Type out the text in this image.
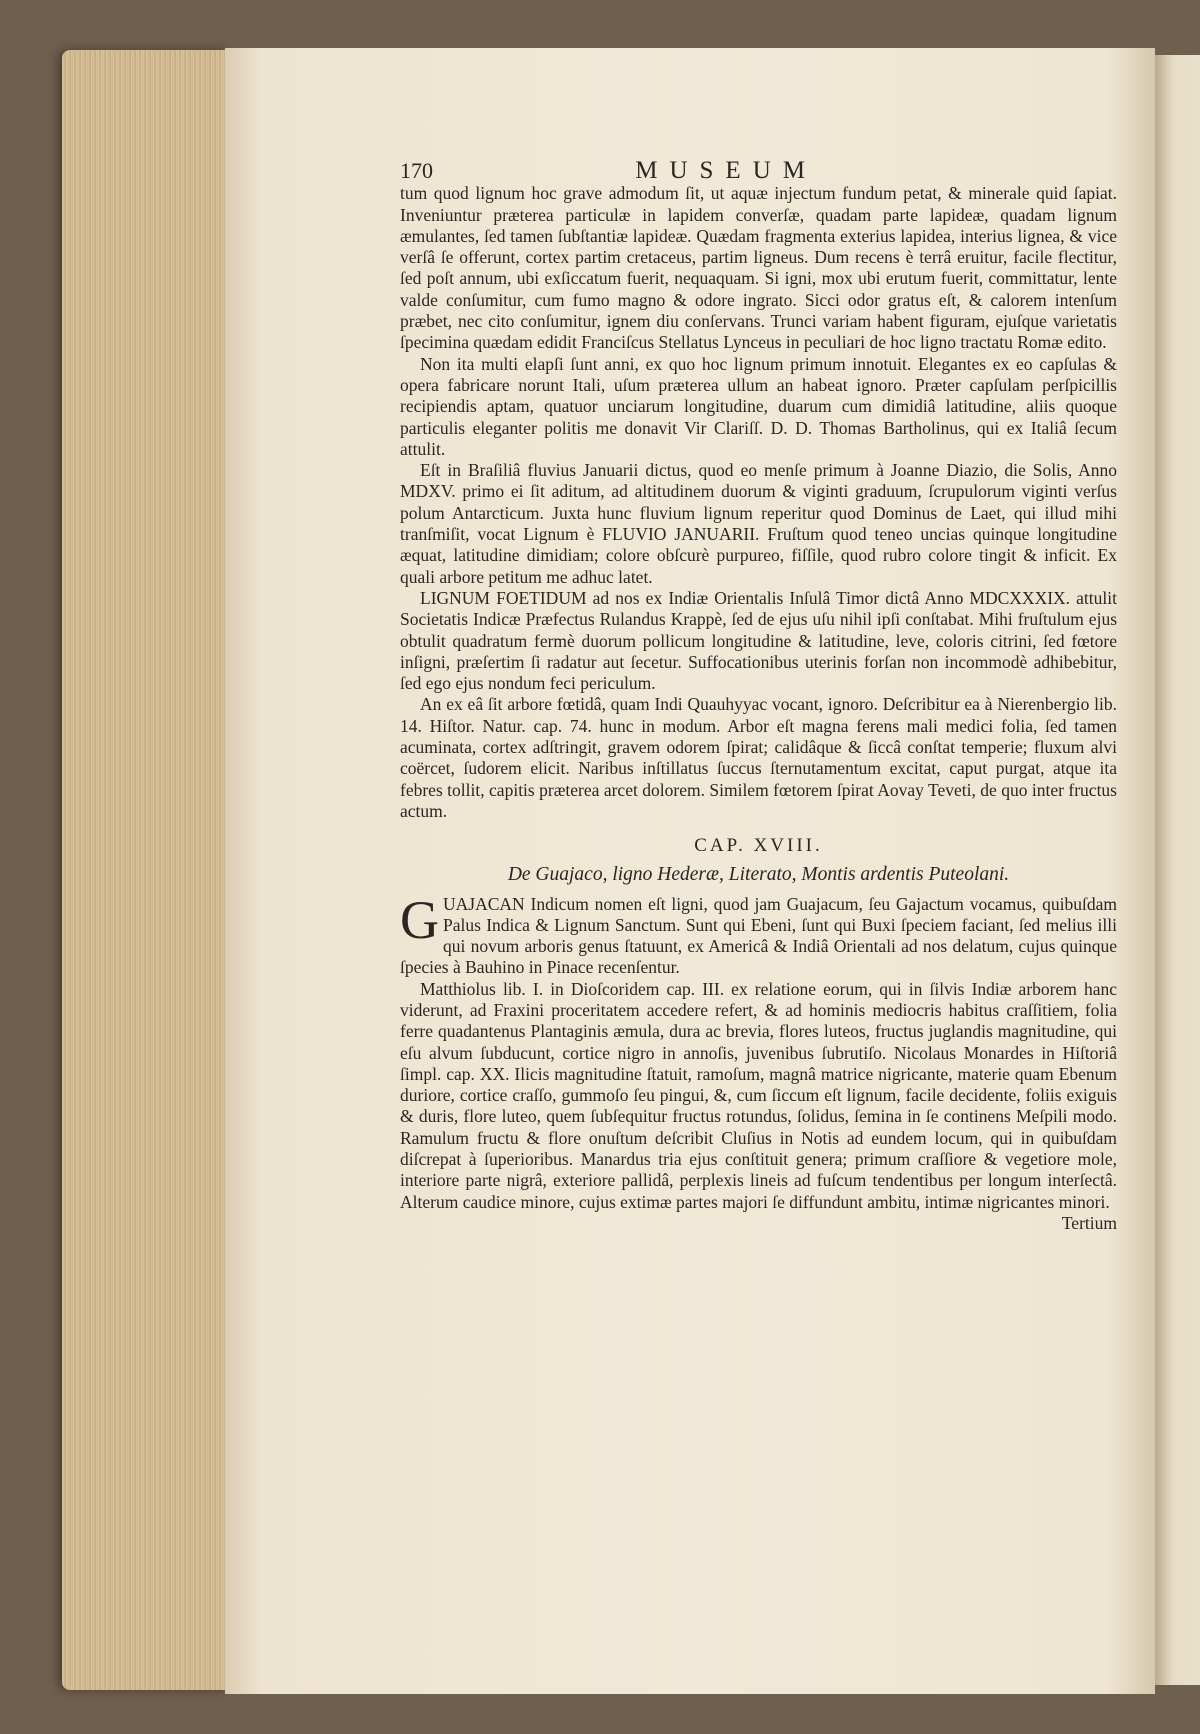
170	MUSEUM

tum quod lignum hoc grave admodum ſit, ut aquæ injectum fundum petat, & minerale quid ſapiat. Inveniuntur præterea particulæ in lapidem converſæ, quadam parte lapideæ, quadam lignum æmulantes, ſed tamen ſubſtantiæ lapideæ. Quædam fragmenta exterius lapidea, interius lignea, & vice verſâ ſe offerunt, cortex partim cretaceus, partim ligneus. Dum recens è terrâ eruitur, facile flectitur, ſed poſt annum, ubi exſiccatum fuerit, nequaquam. Si igni, mox ubi erutum fuerit, committatur, lente valde conſumitur, cum fumo magno & odore ingrato. Sicci odor gratus eſt, & calorem intenſum præbet, nec cito conſumitur, ignem diu conſervans. Trunci variam habent figuram, ejuſque varietatis ſpecimina quædam edidit Franciſcus Stellatus Lynceus in peculiari de hoc ligno tractatu Romæ edito.

Non ita multi elapſi ſunt anni, ex quo hoc lignum primum innotuit. Elegantes ex eo capſulas & opera fabricare norunt Itali, uſum præterea ullum an habeat ignoro. Præter capſulam perſpicillis recipiendis aptam, quatuor unciarum longitudine, duarum cum dimidiâ latitudine, aliis quoque particulis eleganter politis me donavit Vir Clariſſ. D. D. Thomas Bartholinus, qui ex Italiâ ſecum attulit.

Eſt in Braſiliâ fluvius Januarii dictus, quod eo menſe primum à Joanne Diazio, die Solis, Anno MDXV. primo ei ſit aditum, ad altitudinem duorum & viginti graduum, ſcrupulorum viginti verſus polum Antarcticum. Juxta hunc fluvium lignum reperitur quod Dominus de Laet, qui illud mihi tranſmiſit, vocat Lignum è FLUVIO JANUARII. Fruſtum quod teneo uncias quinque longitudine æquat, latitudine dimidiam; colore obſcurè purpureo, fiſſile, quod rubro colore tingit & inficit. Ex quali arbore petitum me adhuc latet.

LIGNUM FOETIDUM ad nos ex Indiæ Orientalis Inſulâ Timor dictâ Anno MDCXXXIX. attulit Societatis Indicæ Præfectus Rulandus Krappè, ſed de ejus uſu nihil ipſi conſtabat. Mihi fruſtulum ejus obtulit quadratum fermè duorum pollicum longitudine & latitudine, leve, coloris citrini, ſed fœtore inſigni, præſertim ſi radatur aut ſecetur. Suffocationibus uterinis forſan non incommodè adhibebitur, ſed ego ejus nondum feci periculum.

An ex eâ ſit arbore fœtidâ, quam Indi Quauhyyac vocant, ignoro. Deſcribitur ea à Nierenbergio lib. 14. Hiſtor. Natur. cap. 74. hunc in modum. Arbor eſt magna ferens mali medici folia, ſed tamen acuminata, cortex adſtringit, gravem odorem ſpirat; calidâque & ſiccâ conſtat temperie; fluxum alvi coërcet, ſudorem elicit. Naribus inſtillatus ſuccus ſternutamentum excitat, caput purgat, atque ita febres tollit, capitis præterea arcet dolorem. Similem fœtorem ſpirat Aovay Teveti, de quo inter fructus actum.

CAP. XVIII.
De Guajaco, ligno Hederæ, Literato, Montis ardentis Puteolani.

GUAJACAN Indicum nomen eſt ligni, quod jam Guajacum, ſeu Gajactum vocamus, quibuſdam Palus Indica & Lignum Sanctum. Sunt qui Ebeni, ſunt qui Buxi ſpeciem faciant, ſed melius illi qui novum arboris genus ſtatuunt, ex Americâ & Indiâ Orientali ad nos delatum, cujus quinque ſpecies à Bauhino in Pinace recenſentur.

Matthiolus lib. I. in Dioſcoridem cap. III. ex relatione eorum, qui in ſilvis Indiæ arborem hanc viderunt, ad Fraxini proceritatem accedere refert, & ad hominis mediocris habitus craſſitiem, folia ferre quadantenus Plantaginis æmula, dura ac brevia, flores luteos, fructus juglandis magnitudine, qui eſu alvum ſubducunt, cortice nigro in annoſis, juvenibus ſubrutiſo. Nicolaus Monardes in Hiſtoriâ ſimpl. cap. XX. Ilicis magnitudine ſtatuit, ramoſum, magnâ matrice nigricante, materie quam Ebenum duriore, cortice craſſo, gummoſo ſeu pingui, &, cum ſiccum eſt lignum, facile decidente, foliis exiguis & duris, flore luteo, quem ſubſequitur fructus rotundus, ſolidus, ſemina in ſe continens Meſpili modo. Ramulum fructu & flore onuſtum deſcribit Cluſius in Notis ad eundem locum, qui in quibuſdam diſcrepat à ſuperioribus. Manardus tria ejus conſtituit genera; primum craſſiore & vegetiore mole, interiore parte nigrâ, exteriore pallidâ, perplexis lineis ad fuſcum tendentibus per longum interſectâ. Alterum caudice minore, cujus extimæ partes majori ſe diffundunt ambitu, intimæ nigricantes minori.

Tertium
